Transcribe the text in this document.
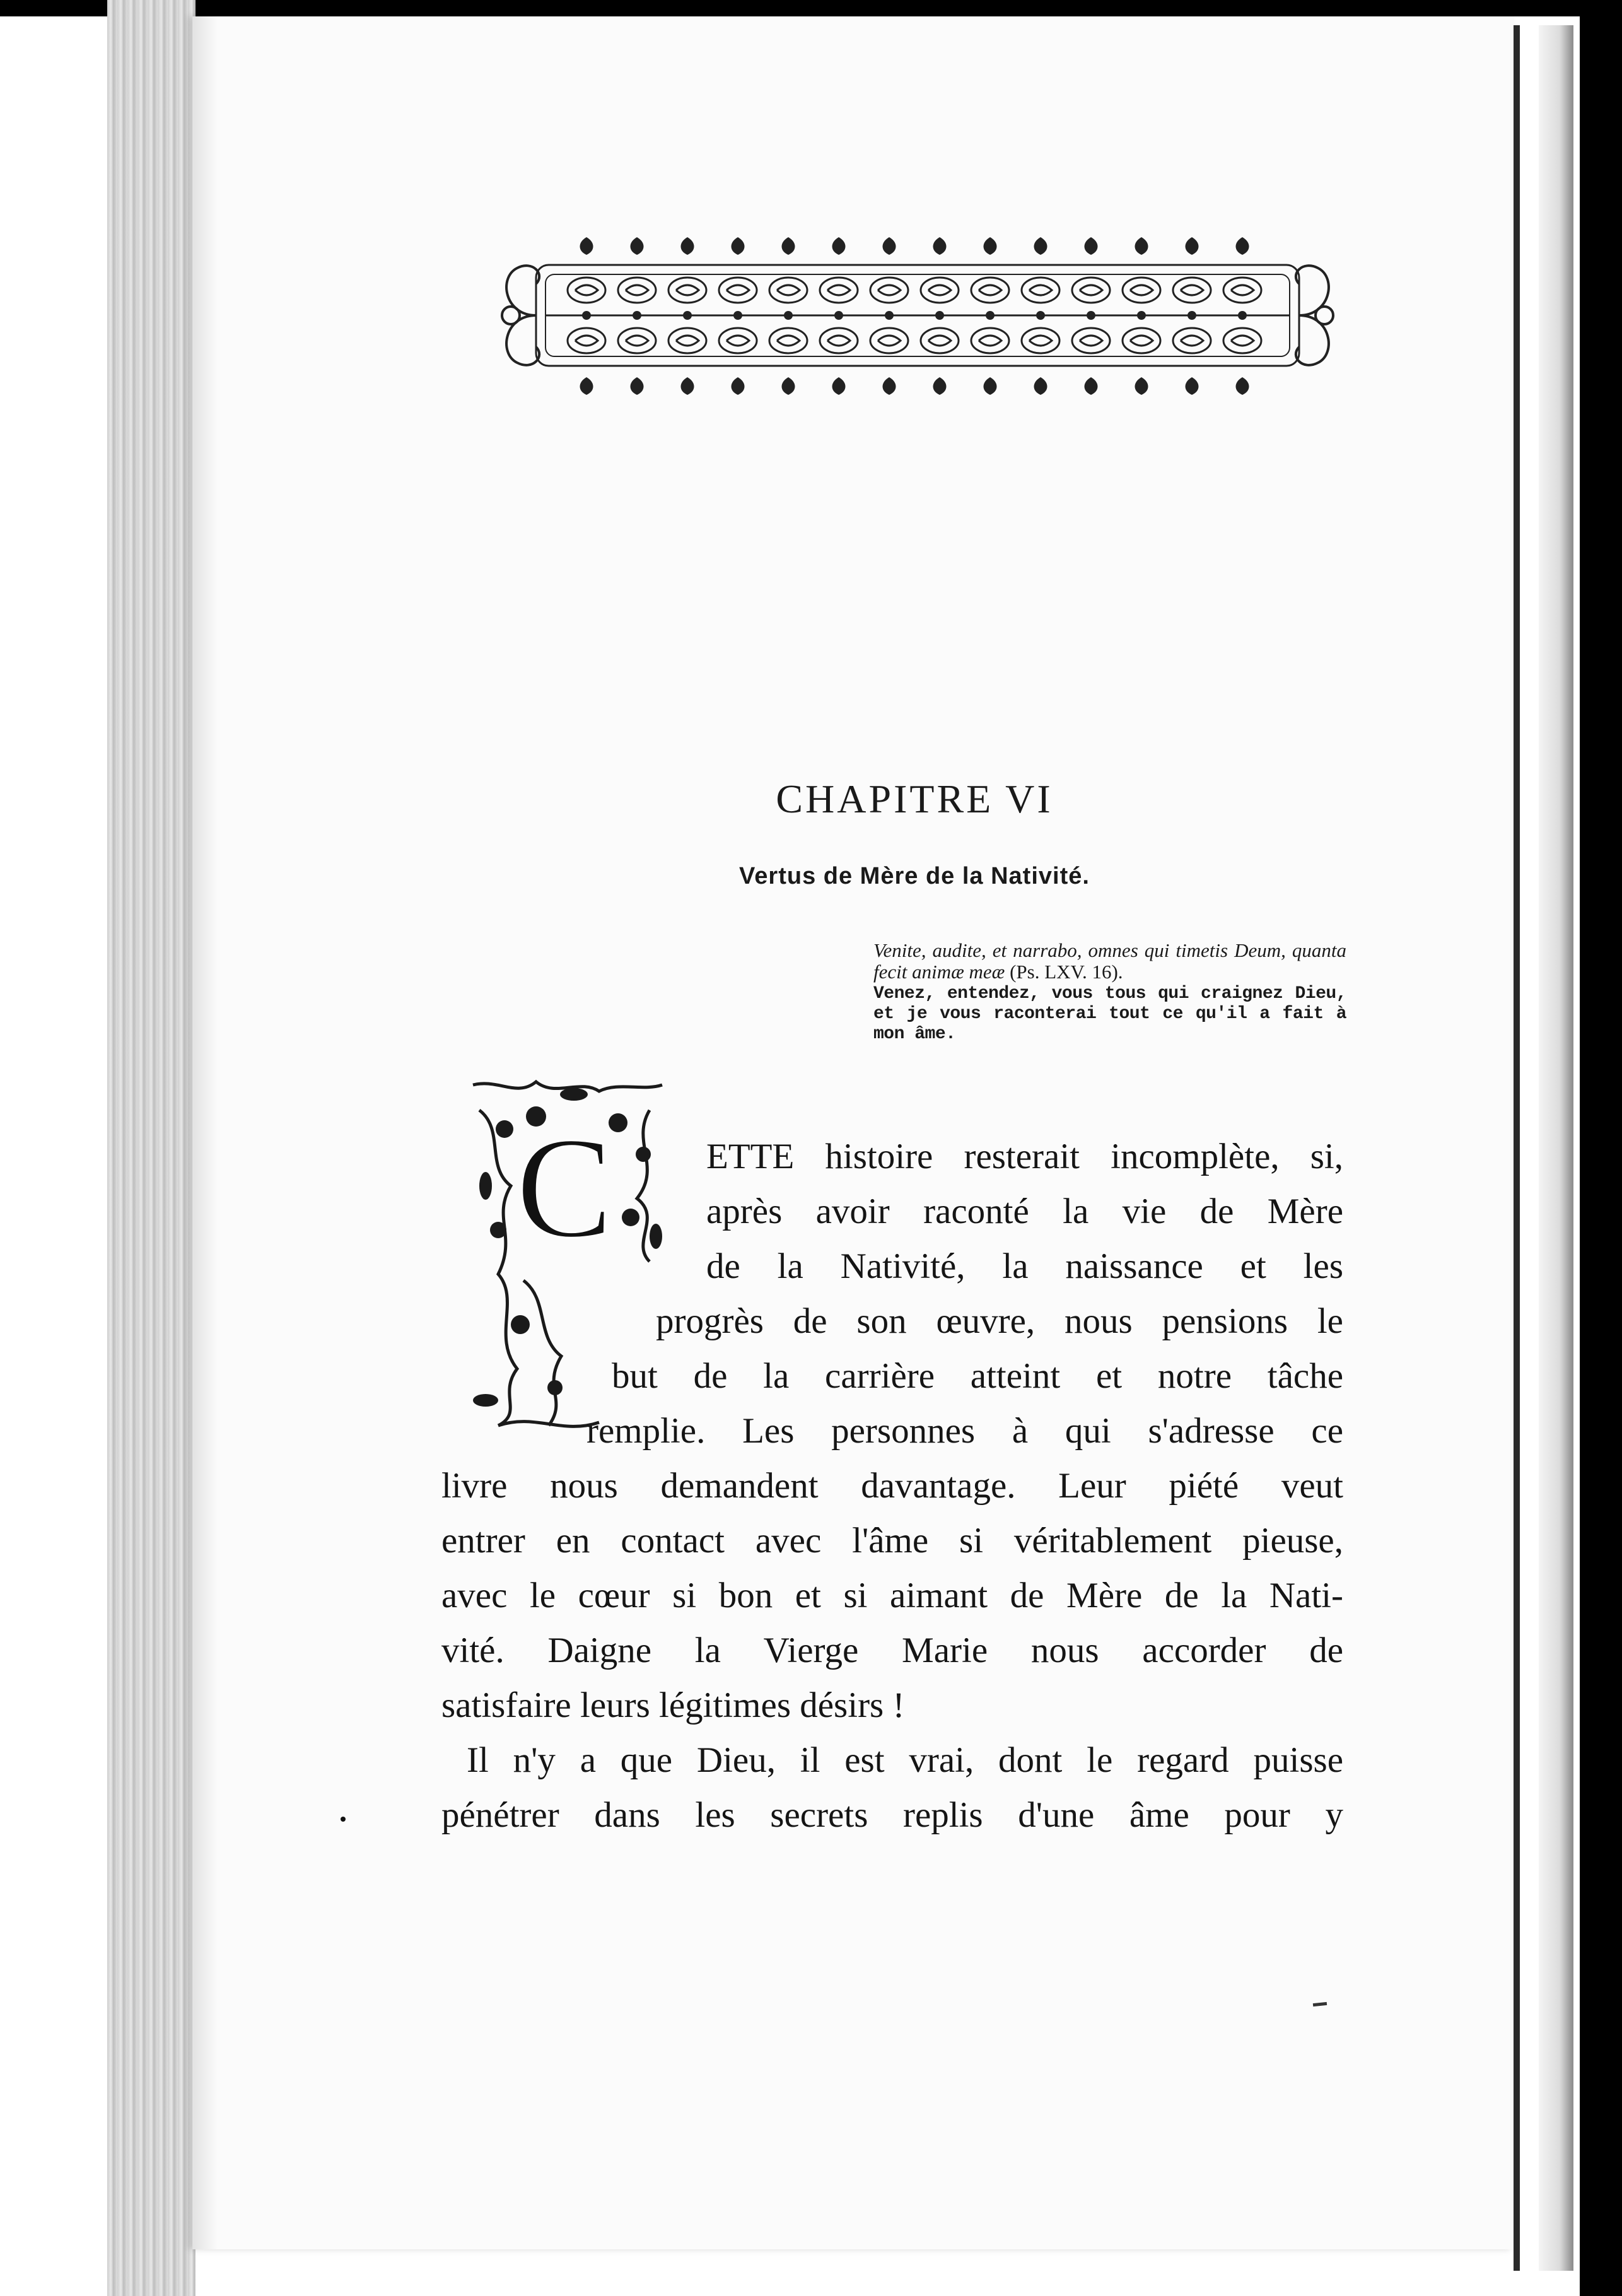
CHAPITRE VI
Vertus de Mère de la Nativité.
Venite, audite, et narrabo, omnes qui timetis Deum, quanta fecit animæ meæ (Ps. LXV. 16).
Venez, entendez, vous tous qui craignez Dieu, et je vous raconterai tout ce qu'il a fait à mon âme.
C	ETTE histoire resterait incomplète, si,
après avoir raconté la vie de Mère
de la Nativité, la naissance et les
progrès de son œuvre, nous pensions le
but de la carrière atteint et notre tâche
remplie. Les personnes à qui s'adresse ce
livre nous demandent davantage. Leur piété veut
entrer en contact avec l'âme si véritablement pieuse,
avec le cœur si bon et si aimant de Mère de la Nati-
vité. Daigne la Vierge Marie nous accorder de
satisfaire leurs légitimes désirs !
Il n'y a que Dieu, il est vrai, dont le regard puisse
pénétrer dans les secrets replis d'une âme pour y
